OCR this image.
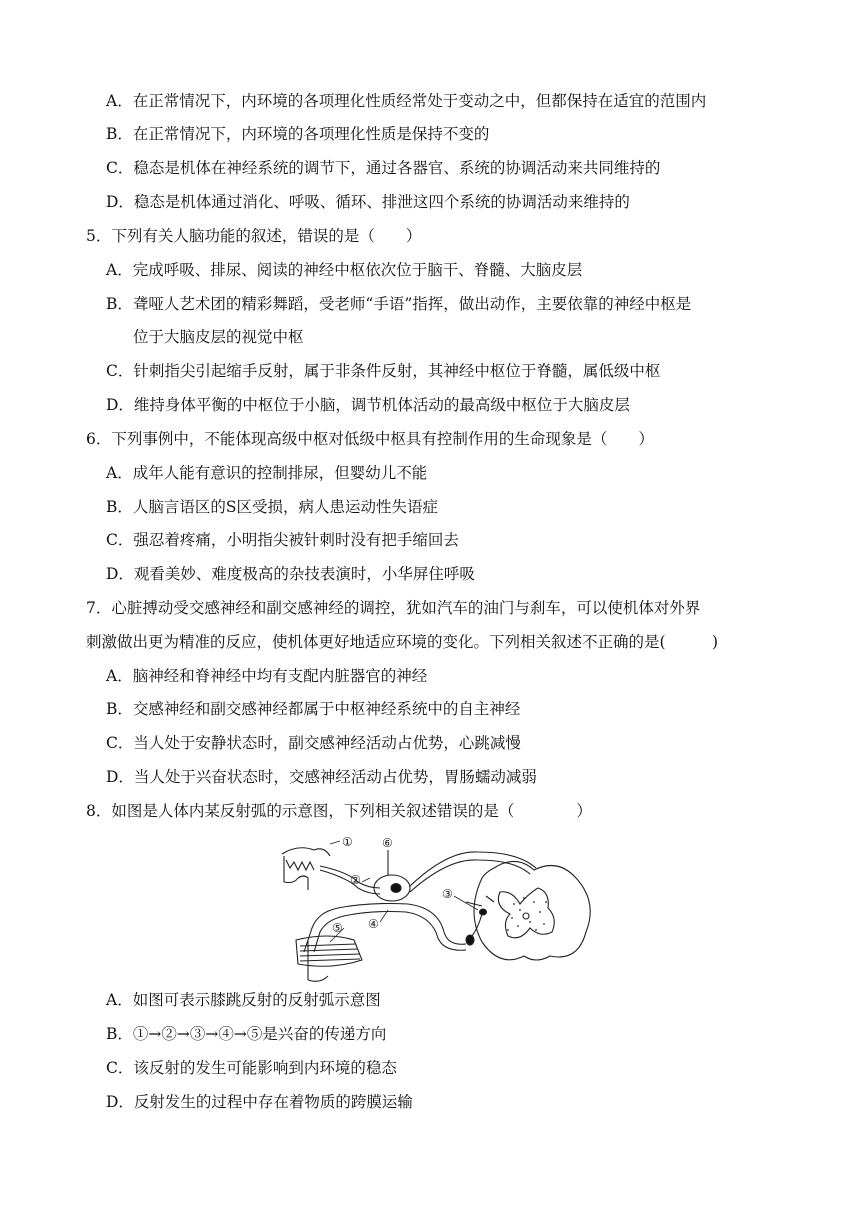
A．在正常情况下，内环境的各项理化性质经常处于变动之中，但都保持在适宜的范围内
B．在正常情况下，内环境的各项理化性质是保持不变的
C．稳态是机体在神经系统的调节下，通过各器官、系统的协调活动来共同维持的
D．稳态是机体通过消化、呼吸、循环、排泄这四个系统的协调活动来维持的
5．下列有关人脑功能的叙述，错误的是（　　）
A．完成呼吸、排尿、阅读的神经中枢依次位于脑干、脊髓、大脑皮层
B．聋哑人艺术团的精彩舞蹈，受老师“手语”指挥，做出动作，主要依靠的神经中枢是
位于大脑皮层的视觉中枢
C．针刺指尖引起缩手反射，属于非条件反射，其神经中枢位于脊髓，属低级中枢
D．维持身体平衡的中枢位于小脑，调节机体活动的最高级中枢位于大脑皮层
6．下列事例中，不能体现高级中枢对低级中枢具有控制作用的生命现象是（　　）
A．成年人能有意识的控制排尿，但婴幼儿不能
B．人脑言语区的S区受损，病人患运动性失语症
C．强忍着疼痛，小明指尖被针刺时没有把手缩回去
D．观看美妙、难度极高的杂技表演时，小华屏住呼吸
7．心脏搏动受交感神经和副交感神经的调控，犹如汽车的油门与刹车，可以使机体对外界
刺激做出更为精准的反应，使机体更好地适应环境的变化。下列相关叙述不正确的是(　　　)
A．脑神经和脊神经中均有支配内脏器官的神经
B．交感神经和副交感神经都属于中枢神经系统中的自主神经
C．当人处于安静状态时，副交感神经活动占优势，心跳减慢
D．当人处于兴奋状态时，交感神经活动占优势，胃肠蠕动减弱
8．如图是人体内某反射弧的示意图，下列相关叙述错误的是（　　　　）
①
②
③
④
⑤
⑥
A．如图可表示膝跳反射的反射弧示意图
B．①→②→③→④→⑤是兴奋的传递方向
C．该反射的发生可能影响到内环境的稳态
D．反射发生的过程中存在着物质的跨膜运输
